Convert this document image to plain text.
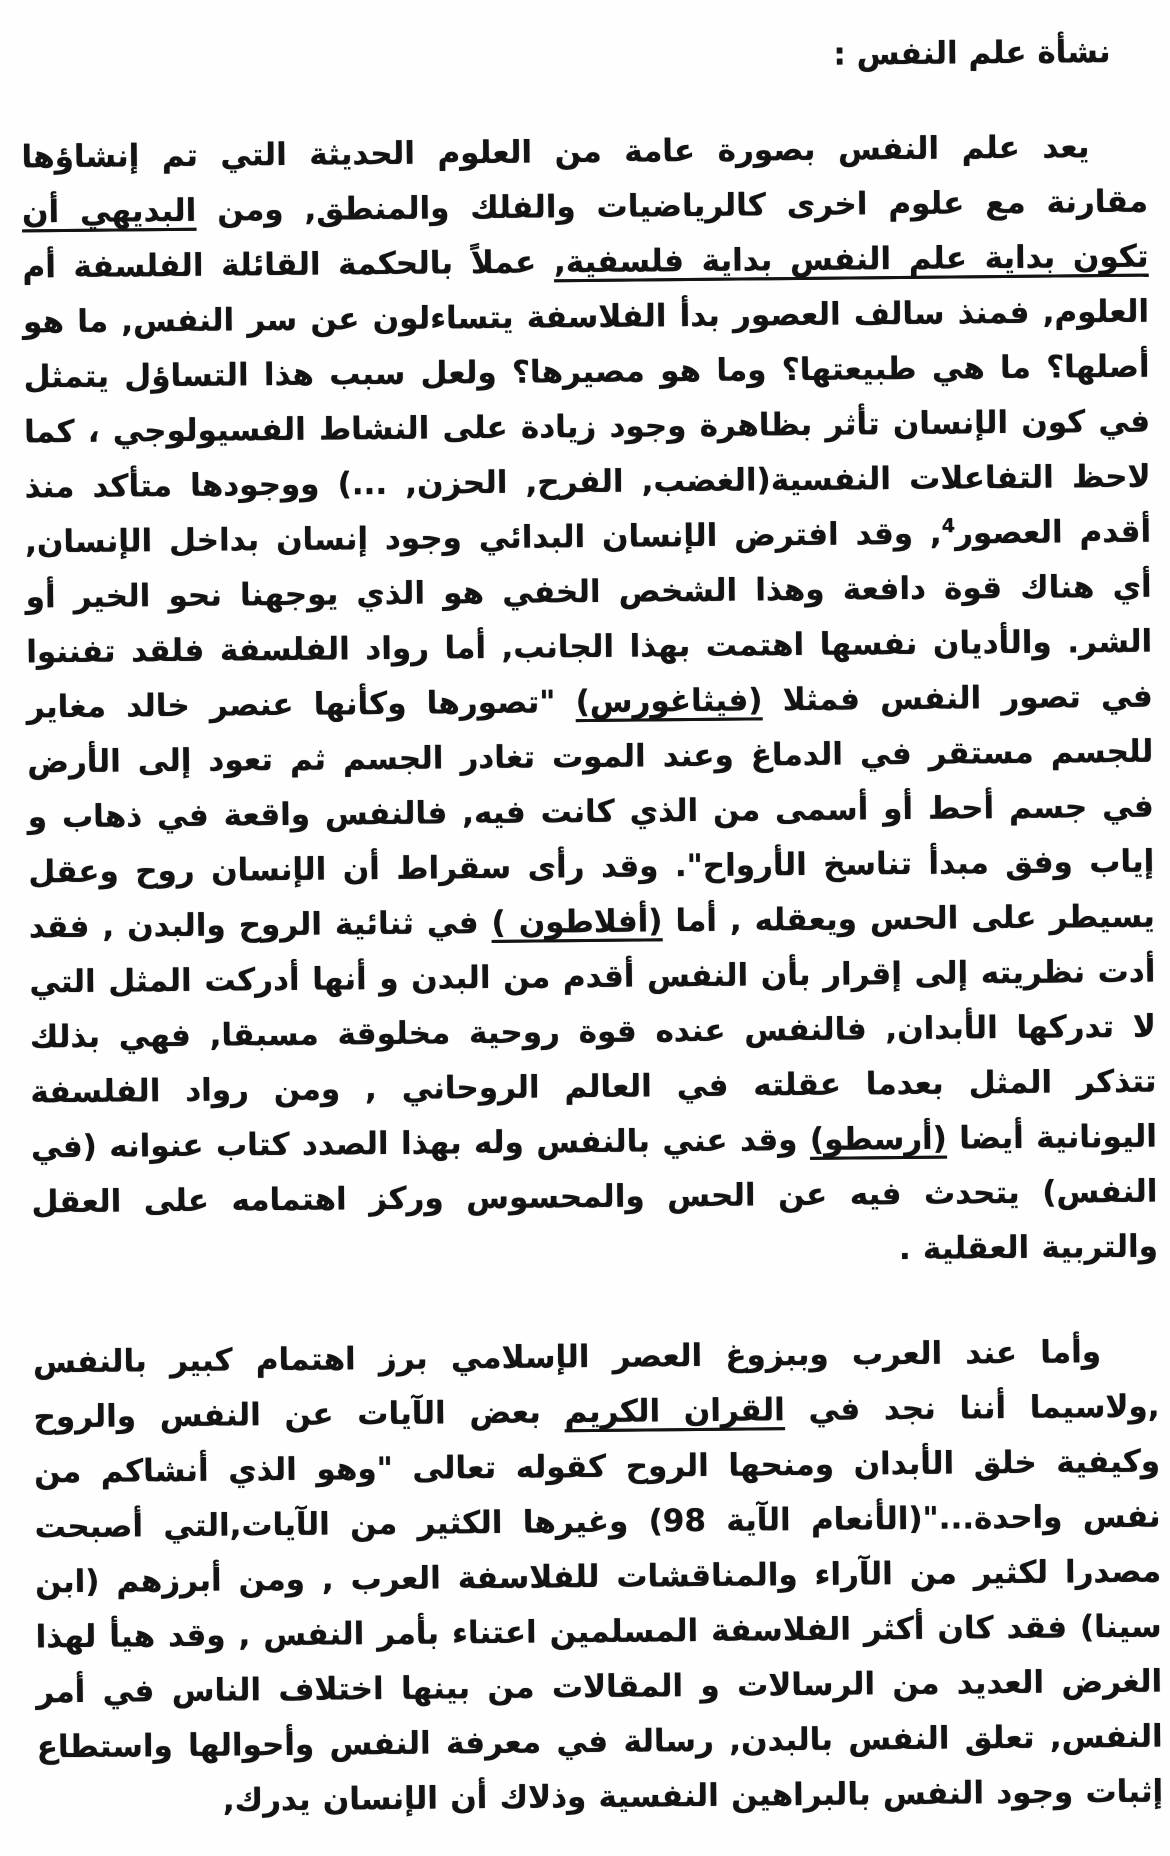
نشأة علم النفس :

يعد علم النفس بصورة عامة من العلوم الحديثة التي تم إنشاؤها مقارنة مع علوم اخرى كالرياضيات والفلك والمنطق, ومن البديهي أن تكون بداية علم النفس بداية فلسفية, عملاً بالحكمة القائلة الفلسفة أم العلوم, فمنذ سالف العصور بدأ الفلاسفة يتساءلون عن سر النفس, ما هو أصلها؟ ما هي طبيعتها؟ وما هو مصيرها؟ ولعل سبب هذا التساؤل يتمثل في كون الإنسان تأثر بظاهرة وجود زيادة على النشاط الفسيولوجي ، كما لاحظ التفاعلات النفسية(الغضب, الفرح, الحزن, ...) ووجودها متأكد منذ أقدم العصور$^4$, وقد افترض الإنسان البدائي وجود إنسان بداخل الإنسان, أي هناك قوة دافعة وهذا الشخص الخفي هو الذي يوجهنا نحو الخير أو الشر. والأديان نفسها اهتمت بهذا الجانب, أما رواد الفلسفة فلقد تفننوا في تصور النفس فمثلا (فيثاغورس) "تصورها وكأنها عنصر خالد مغاير للجسم مستقر في الدماغ وعند الموت تغادر الجسم ثم تعود إلى الأرض في جسم أحط أو أسمى من الذي كانت فيه, فالنفس واقعة في ذهاب و إياب وفق مبدأ تناسخ الأرواح". وقد رأى سقراط أن الإنسان روح وعقل يسيطر على الحس ويعقله , أما (أفلاطون ) في ثنائية الروح والبدن , فقد أدت نظريته إلى إقرار بأن النفس أقدم من البدن و أنها أدركت المثل التي لا تدركها الأبدان, فالنفس عنده قوة روحية مخلوقة مسبقا, فهي بذلك تتذكر المثل بعدما عقلته في العالم الروحاني , ومن رواد الفلسفة اليونانية أيضا (أرسطو) وقد عني بالنفس وله بهذا الصدد كتاب عنوانه (في النفس) يتحدث فيه عن الحس والمحسوس وركز اهتمامه على العقل والتربية العقلية .

وأما عند العرب وببزوغ العصر الإسلامي برز اهتمام كبير بالنفس ,ولاسيما أننا نجد في القران الكريم بعض الآيات عن النفس والروح وكيفية خلق الأبدان ومنحها الروح كقوله تعالى "وهو الذي أنشاكم من نفس واحدة..."(الأنعام الآية 98) وغيرها الكثير من الآيات,التي أصبحت مصدرا لكثير من الآراء والمناقشات للفلاسفة العرب , ومن أبرزهم (ابن سينا) فقد كان أكثر الفلاسفة المسلمين اعتناء بأمر النفس , وقد هيأ لهذا الغرض العديد من الرسالات و المقالات من بينها اختلاف الناس في أمر النفس, تعلق النفس بالبدن, رسالة في معرفة النفس وأحوالها واستطاع إثبات وجود النفس بالبراهين النفسية وذلاك أن الإنسان يدرك,
